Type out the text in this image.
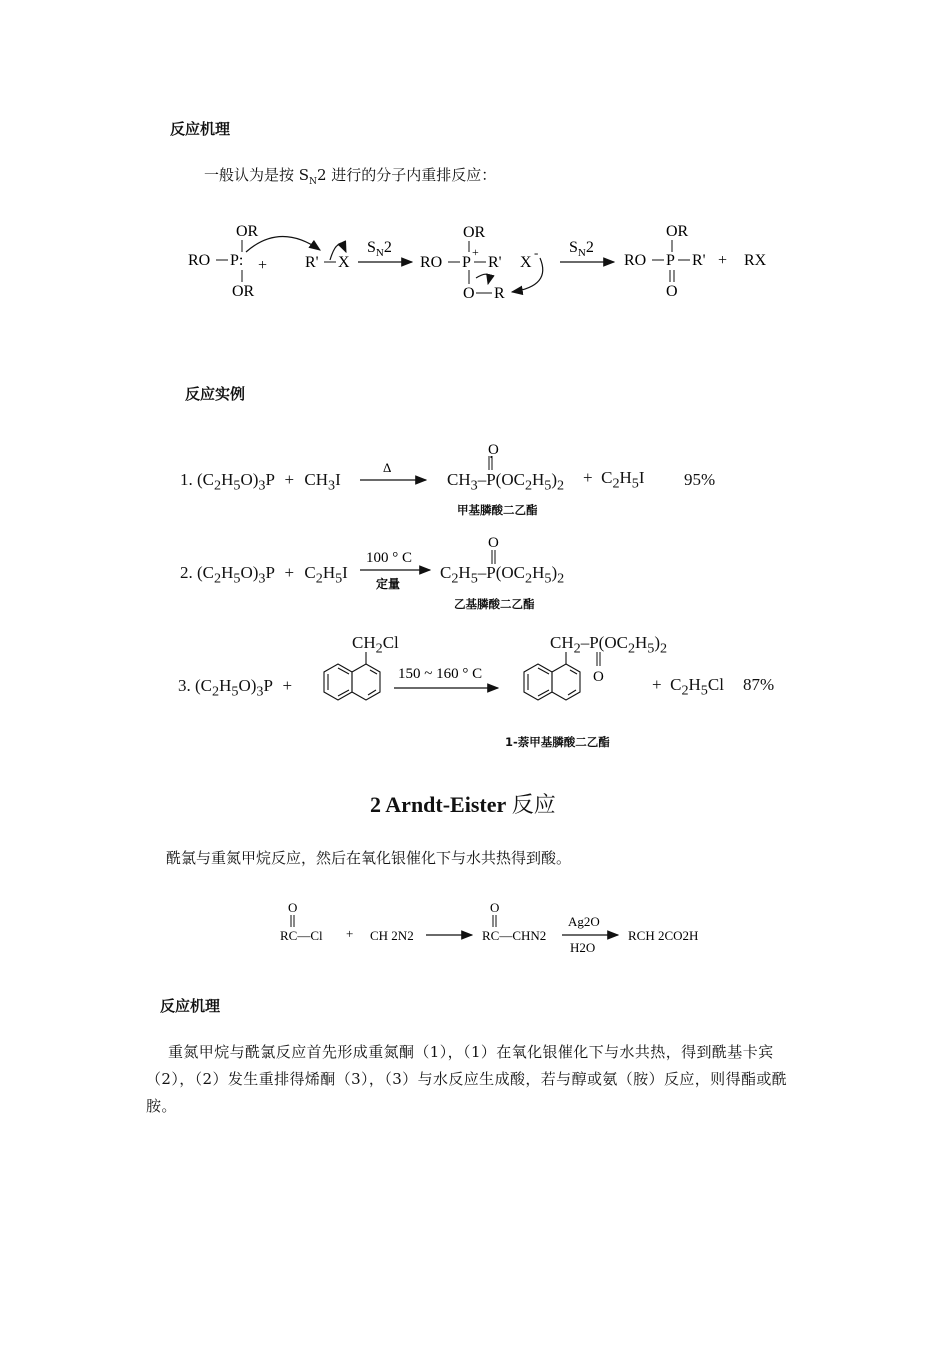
反应机理
一般认为是按 $S_N2$ 进行的分子内重排反应：
OR
RO P:
OR
+ R' X
$S_N2$
OR
RO P
+
R'
O R
X
- $S_N2$
OR
RO P R'
O
+ RX
反应实例
1. $(C_2H_5O)_3P + CH_3I$
Δ
O
$CH_3-P(OC_2H_5)_2 + C_2H_5I$ 95%
甲基膦酸二乙酯
2. $(C_2H_5O)_3P + C_2H_5I$
100 ° C
定量
O
$C_2H_5-P(OC_2H_5)_2$
乙基膦酸二乙酯
3. $(C_2H_5O)_3P$ +
$CH_2Cl$
150 ~ 160 ° C
$CH_2-P(OC_2H_5)_2$
O	+  $C_2H_5Cl$ 87%
1-萘甲基膦酸二乙酯
2 Arndt-Eister 反应
酰氯与重氮甲烷反应，然后在氧化银催化下与水共热得到酸。
O
RC—Cl + CH 2N2
O
RC—CHN2
Ag2O
H2O
RCH 2CO2H
反应机理
重氮甲烷与酰氯反应首先形成重氮酮（1），（1）在氧化银催化下与水共热，得到酰基卡宾（2），（2）发生重排得烯酮（3），（3）与水反应生成酸，若与醇或氨（胺）反应，则得酯或酰胺。
